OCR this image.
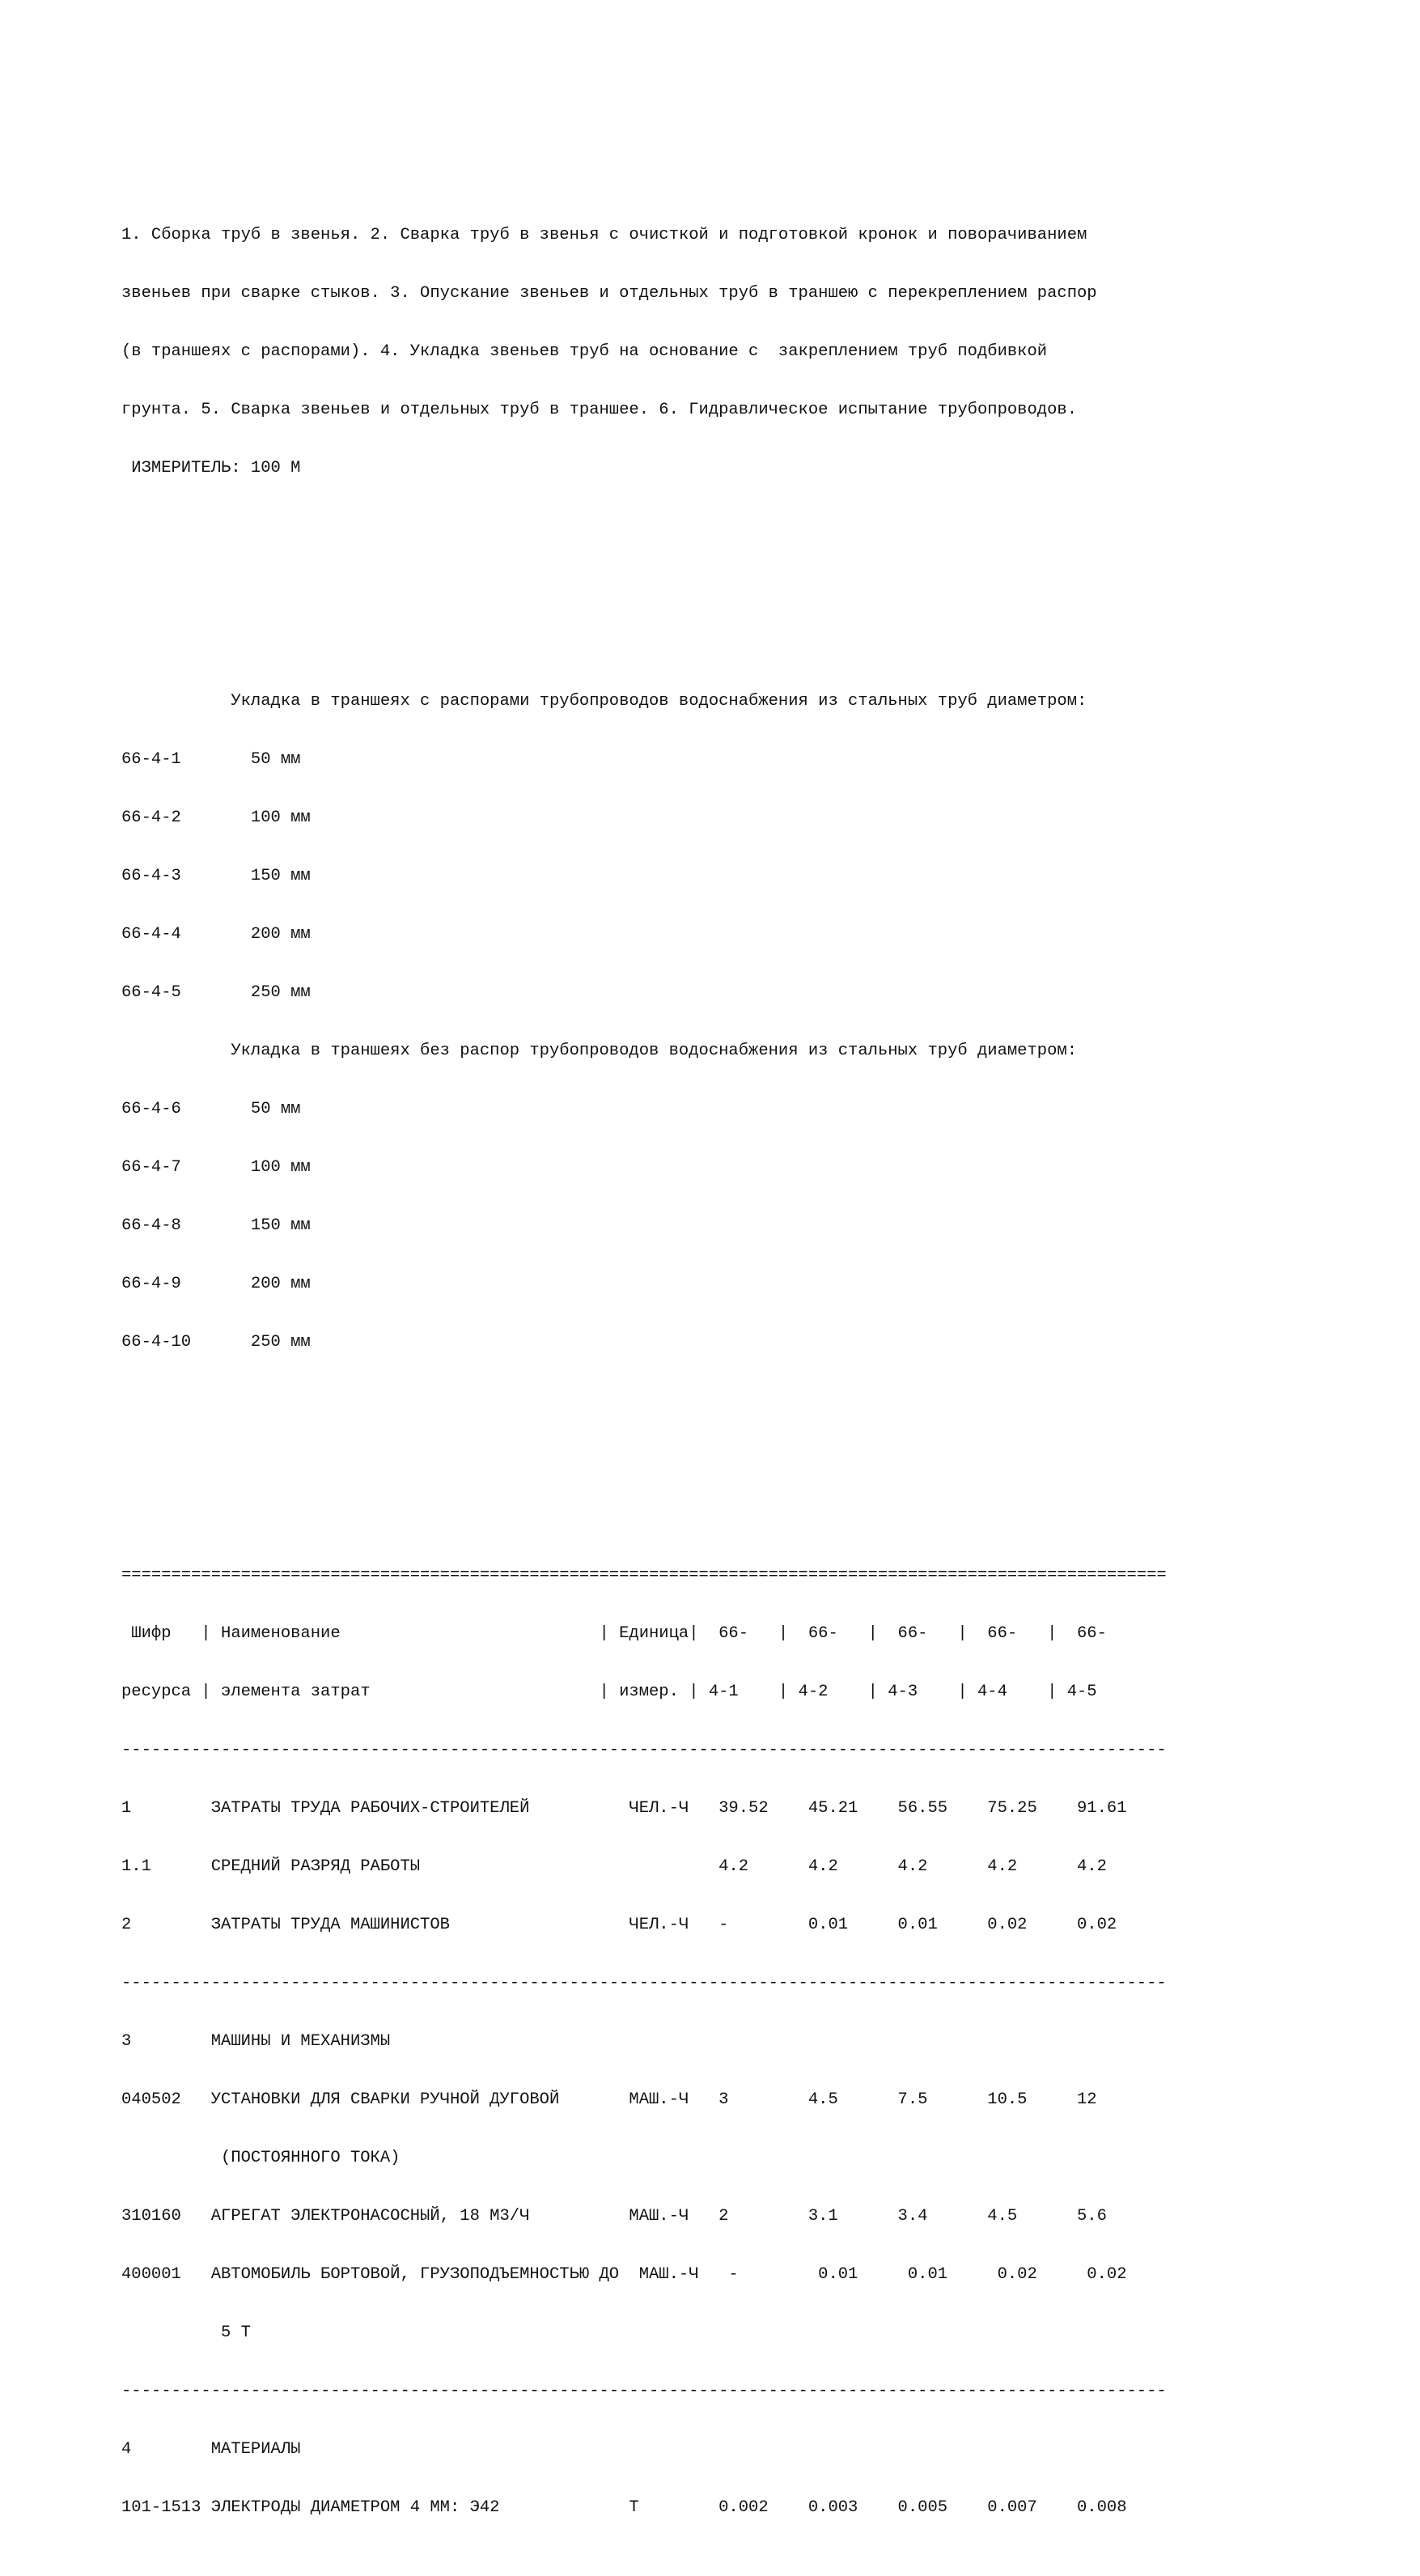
1. Сборка труб в звенья. 2. Сварка труб в звенья с очисткой и подготовкой кронок и поворачиванием

звеньев при сварке стыков. 3. Опускание звеньев и отдельных труб в траншею с перекреплением распор

(в траншеях с распорами). 4. Укладка звеньев труб на основание с  закреплением труб подбивкой

грунта. 5. Сварка звеньев и отдельных труб в траншее. 6. Гидравлическое испытание трубопроводов.

ИЗМЕРИТЕЛЬ: 100 М

Укладка в траншеях с распорами трубопроводов водоснабжения из стальных труб диаметром:

66-4-1       50 мм

66-4-2       100 мм

66-4-3       150 мм

66-4-4       200 мм

66-4-5       250 мм

Укладка в траншеях без распор трубопроводов водоснабжения из стальных труб диаметром:

66-4-6       50 мм

66-4-7       100 мм

66-4-8       150 мм

66-4-9       200 мм

66-4-10      250 мм

=========================================================================================================

Шифр   | Наименование                          | Единица|  66-   |  66-   |  66-   |  66-   |  66-

ресурса | элемента затрат                       | измер. | 4-1    | 4-2    | 4-3    | 4-4    | 4-5

---------------------------------------------------------------------------------------------------------

1        ЗАТРАТЫ ТРУДА РАБОЧИХ-СТРОИТЕЛЕЙ          ЧЕЛ.-Ч   39.52    45.21    56.55    75.25    91.61

1.1      СРЕДНИЙ РАЗРЯД РАБОТЫ                              4.2      4.2      4.2      4.2      4.2

2        ЗАТРАТЫ ТРУДА МАШИНИСТОВ                  ЧЕЛ.-Ч   -        0.01     0.01     0.02     0.02

---------------------------------------------------------------------------------------------------------

3        МАШИНЫ И МЕХАНИЗМЫ

040502   УСТАНОВКИ ДЛЯ СВАРКИ РУЧНОЙ ДУГОВОЙ       МАШ.-Ч   3        4.5      7.5      10.5     12

(ПОСТОЯННОГО ТОКА)

310160   АГРЕГАТ ЭЛЕКТРОНАСОСНЫЙ, 18 М3/Ч          МАШ.-Ч   2        3.1      3.4      4.5      5.6

400001   АВТОМОБИЛЬ БОРТОВОЙ, ГРУЗОПОДЪЕМНОСТЬЮ ДО  МАШ.-Ч   -        0.01     0.01     0.02     0.02

5 Т

---------------------------------------------------------------------------------------------------------

4        МАТЕРИАЛЫ

101-1513 ЭЛЕКТРОДЫ ДИАМЕТРОМ 4 ММ: Э42             Т        0.002    0.003    0.005    0.007    0.008
